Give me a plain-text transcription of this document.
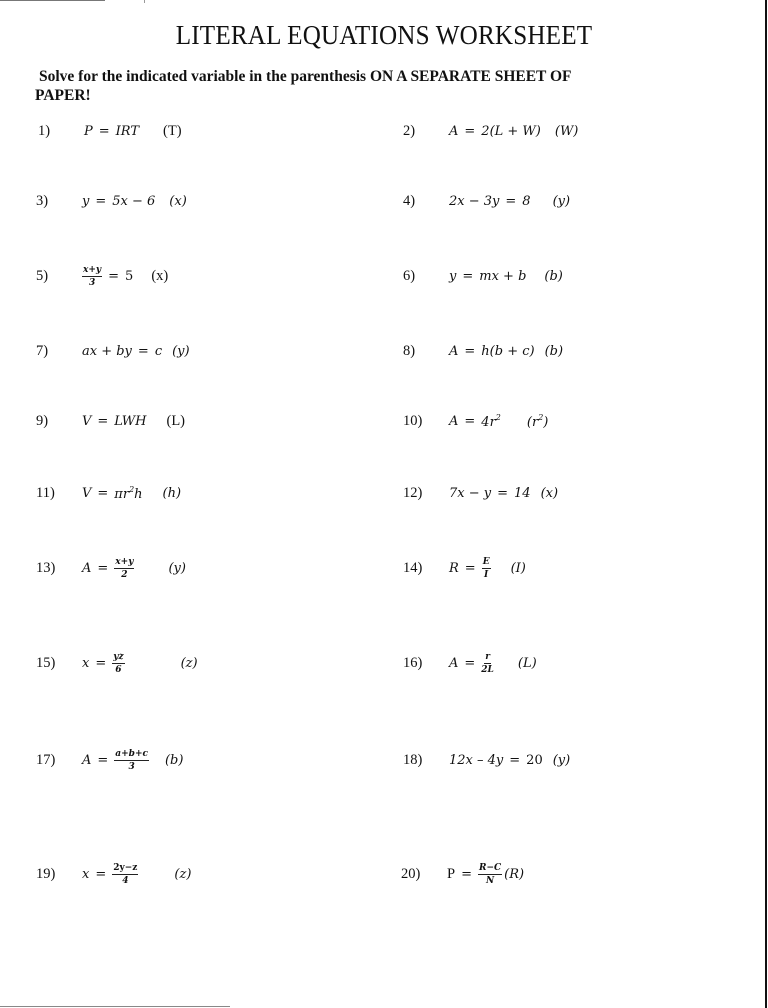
LITERAL EQUATIONS WORKSHEET
Solve for the indicated variable in the parenthesis ON A SEPARATE SHEET OF
PAPER!
1)	P = IRT (T)	2)	A = 2(L + W) (W)
3)	y = 5x − 6 (x)	4)	2x − 3y = 8 (y)
5)	$\frac{x+y}{3} = 5$ (x)	6)	y = mx + b (b)
7)	ax + by = c (y)	8)	A = h(b + c) (b)
9)	V = LWH (L)	10)	$A = 4r^2$ $(r^2)$
11)	$V = \pi r^2h$ (h)	12)	7x − y = 14 (x)
13)	$A = \frac{x+y}{2}$	(y)	14)	$R = \frac{E}{I} (I)$
15)	$x = \frac{yz}{6}$	(z)	16)	$A = \frac{r}{2L} (L)$
17)	$A = \frac{a+b+c}{3} (b)$	18)	12x – 4y = 20 (y)
19)	$x = \frac{2y-z}{4}$	(z)	20)	$P = \frac{R-C}{N} (R)$
